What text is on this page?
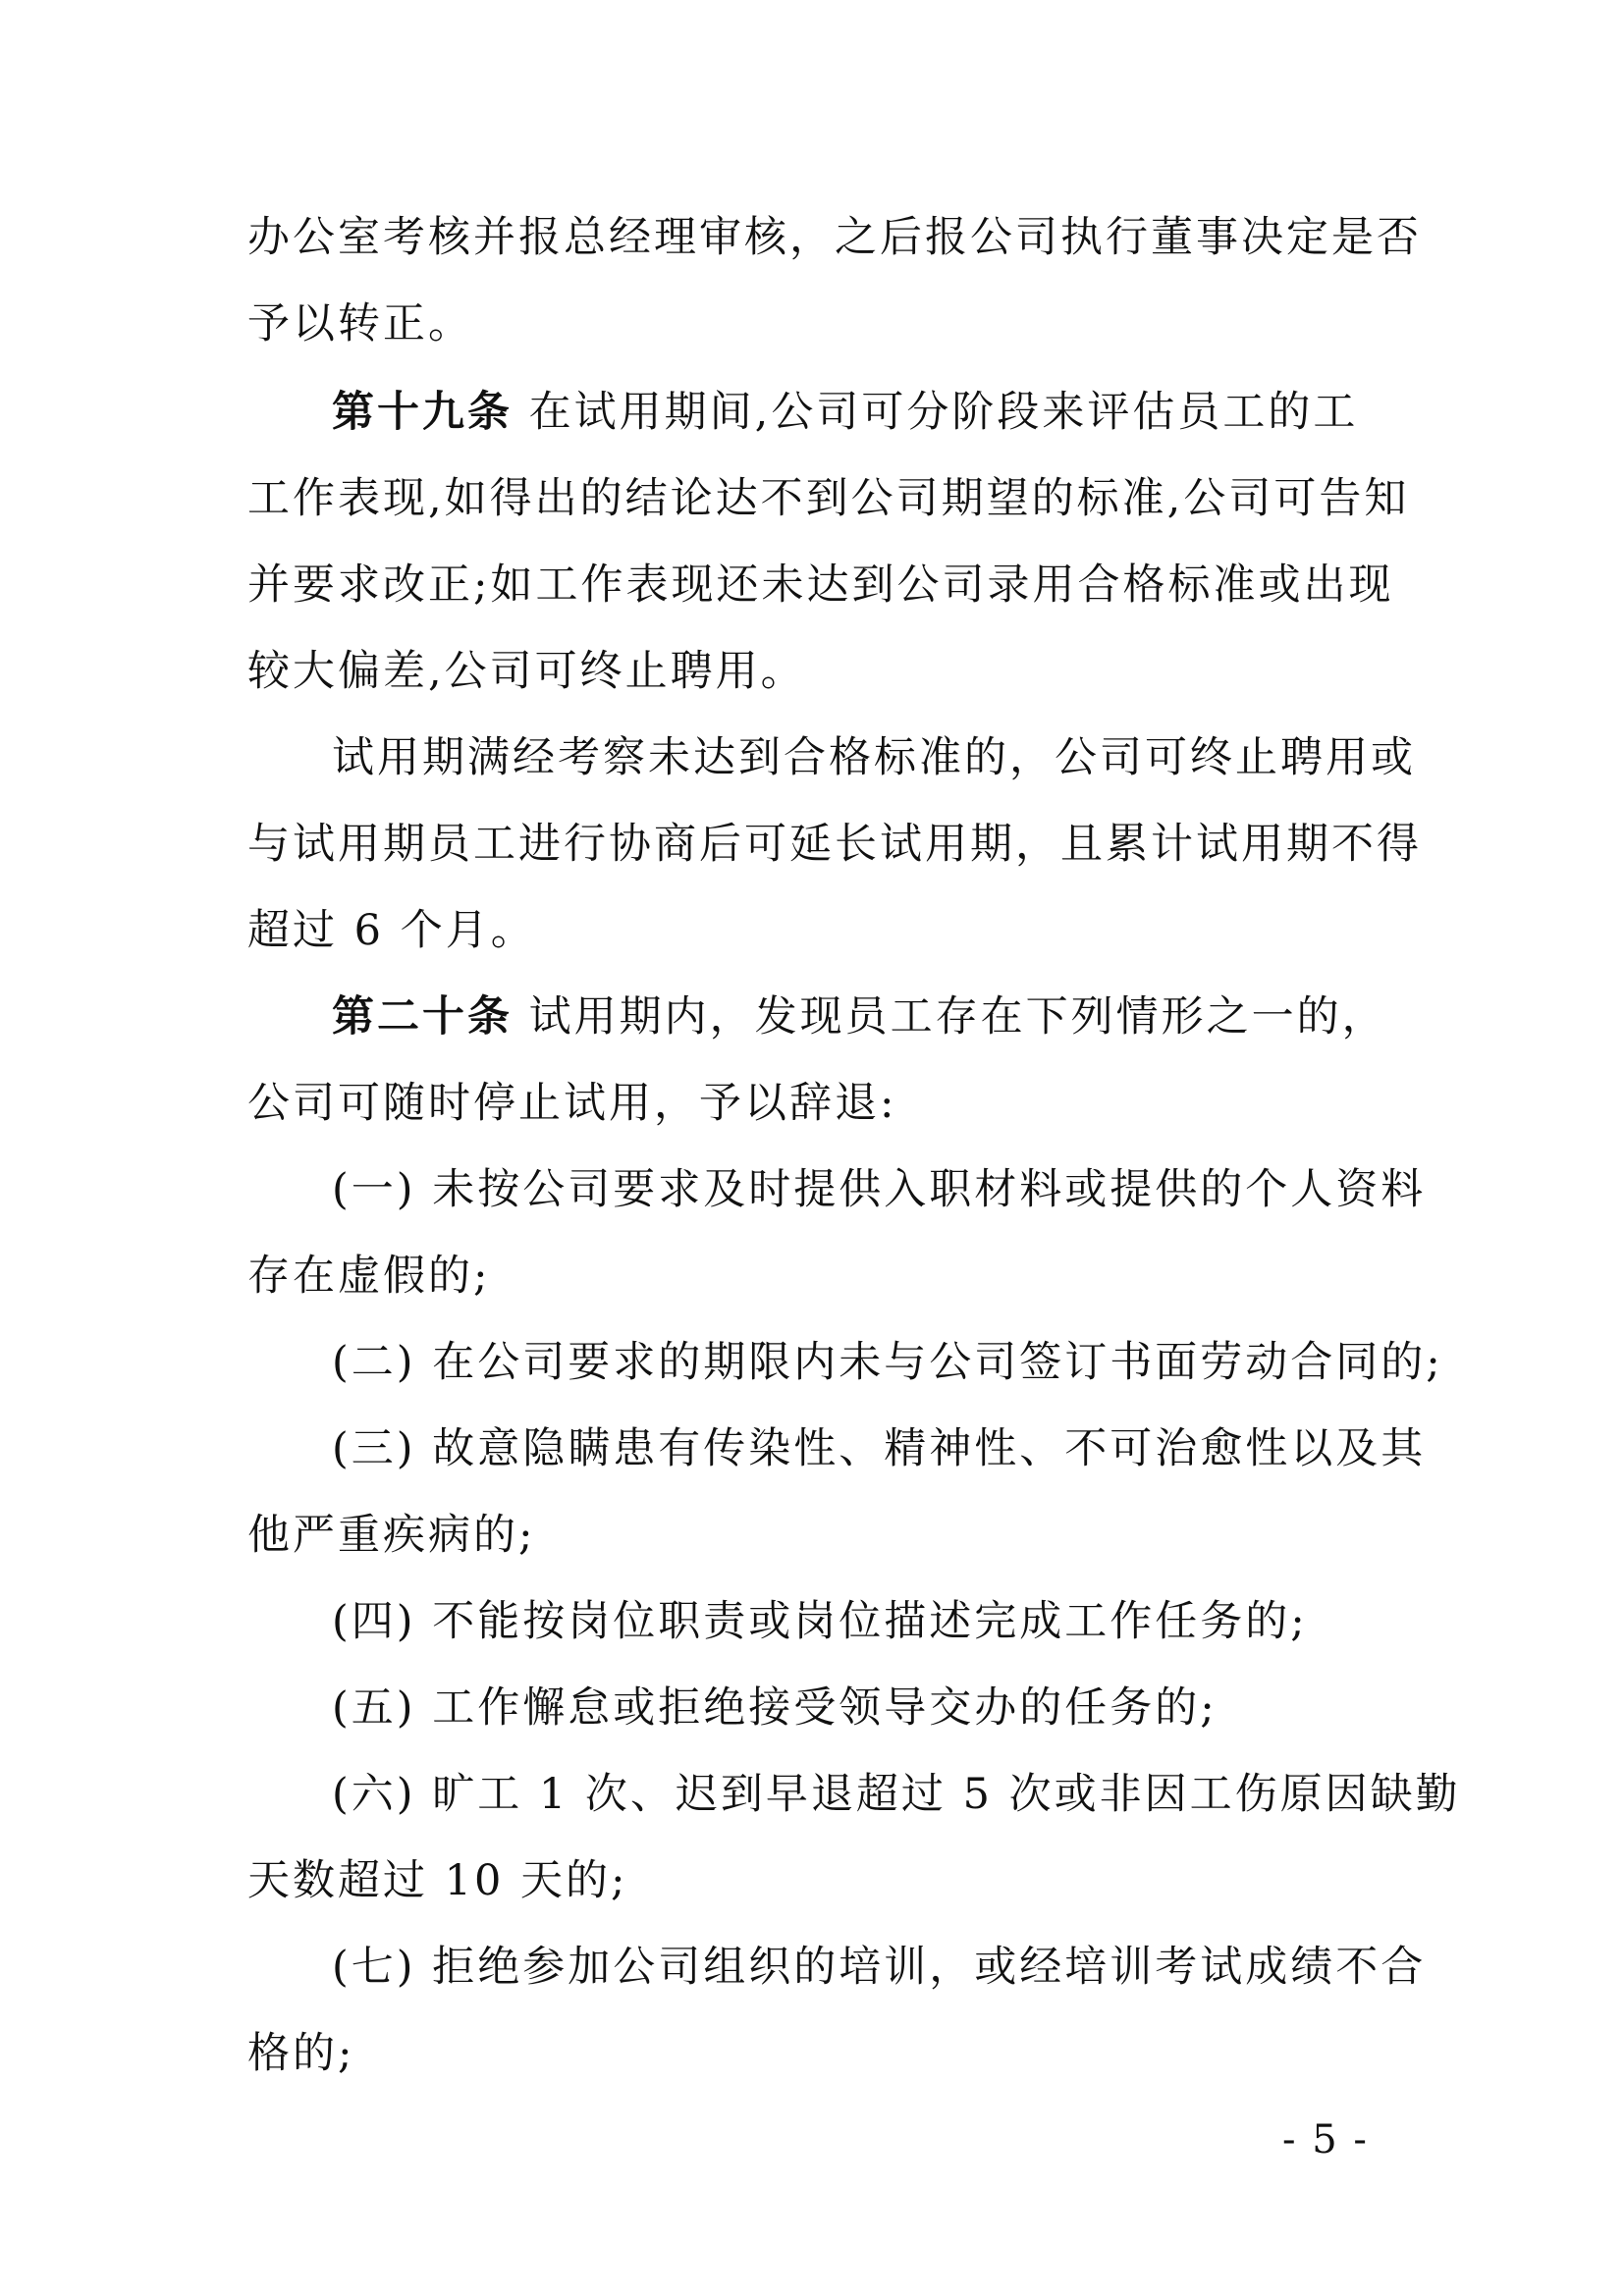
办公室考核并报总经理审核，之后报公司执行董事决定是否
予以转正。
第十九条 在试用期间,公司可分阶段来评估员工的工
工作表现,如得出的结论达不到公司期望的标准,公司可告知
并要求改正;如工作表现还未达到公司录用合格标准或出现
较大偏差,公司可终止聘用。
试用期满经考察未达到合格标准的，公司可终止聘用或
与试用期员工进行协商后可延长试用期，且累计试用期不得
超过 6 个月。
第二十条 试用期内，发现员工存在下列情形之一的，
公司可随时停止试用，予以辞退:
(一) 未按公司要求及时提供入职材料或提供的个人资料
存在虚假的;
(二) 在公司要求的期限内未与公司签订书面劳动合同的;
(三) 故意隐瞒患有传染性、精神性、不可治愈性以及其
他严重疾病的;
(四) 不能按岗位职责或岗位描述完成工作任务的;
(五) 工作懈怠或拒绝接受领导交办的任务的;
(六) 旷工 1 次、迟到早退超过 5 次或非因工伤原因缺勤
天数超过 10 天的;
(七) 拒绝参加公司组织的培训，或经培训考试成绩不合
格的;
- 5 -
